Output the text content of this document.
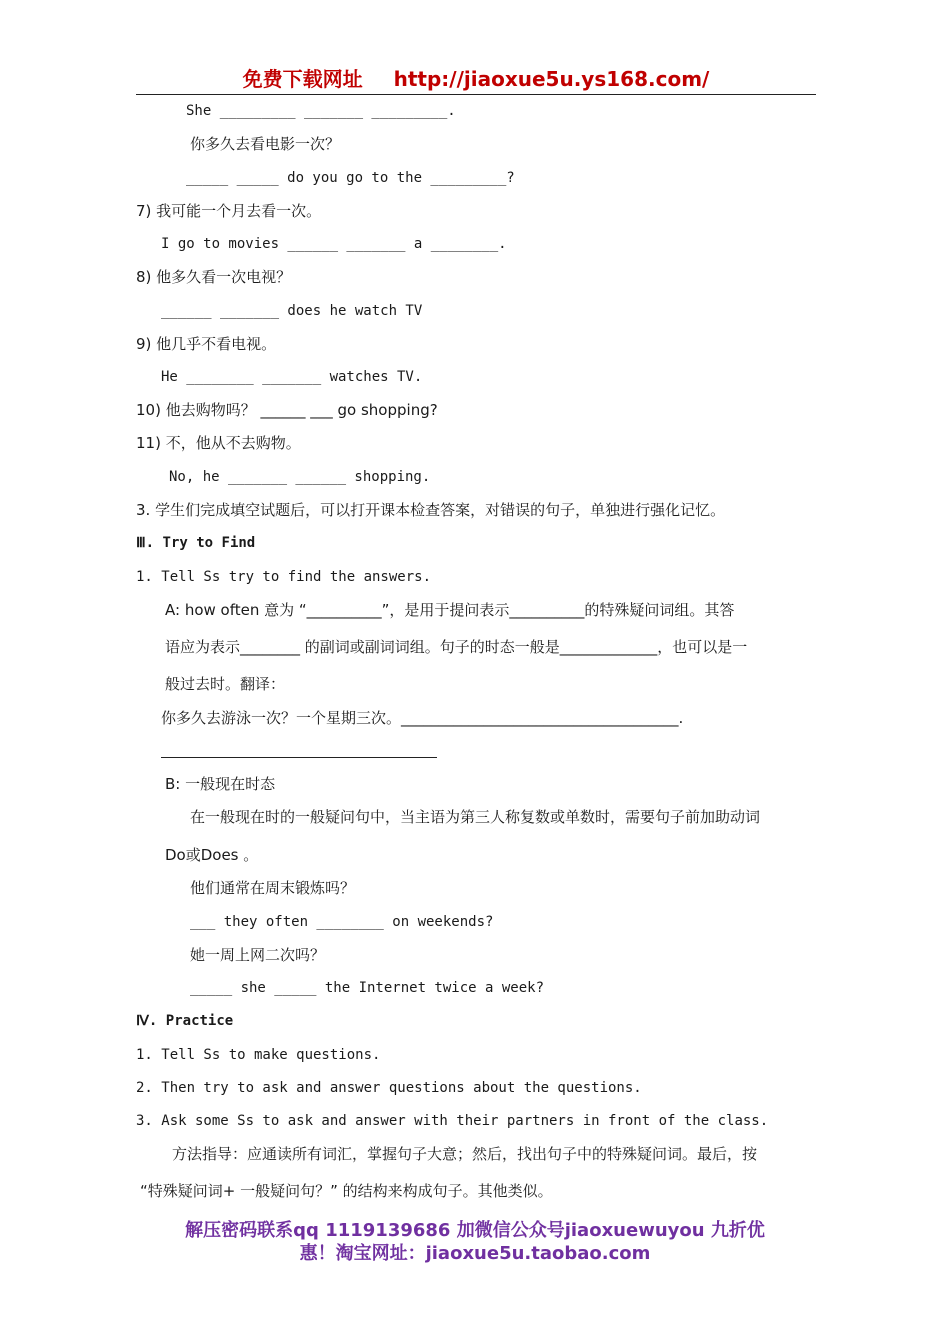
免费下载网址 http://jiaoxue5u.ys168.com/
She _________ _______ _________.
你多久去看电影一次？
_____ _____ do you go to the _________?
7) 我可能一个月去看一次。
I go to movies ______ _______ a ________.
8) 他多久看一次电视？
______ _______ does he watch TV
9) 他几乎不看电视。
He ________ _______ watches TV.
10) 他去购物吗？ ______ ___ go shopping?
11) 不，他从不去购物。
No, he _______ ______ shopping.
3. 学生们完成填空试题后，可以打开课本检查答案，对错误的句子，单独进行强化记忆。
Ⅲ. Try to Find
1. Tell Ss try to find the answers.
A: how often 意为 “__________”，是用于提问表示__________的特殊疑问词组。其答
语应为表示________ 的副词或副词词组。句子的时态一般是_____________，也可以是一
般过去时。翻译：
你多久去游泳一次？一个星期三次。_____________________________________.
B: 一般现在时态
在一般现在时的一般疑问句中，当主语为第三人称复数或单数时，需要句子前加助动词
Do或Does 。
他们通常在周末锻炼吗？
___ they often ________ on weekends?
她一周上网二次吗？
_____ she _____ the Internet twice a week?
Ⅳ. Practice
1. Tell Ss to make questions.
2. Then try to ask and answer questions about the questions.
3. Ask some Ss to ask and answer with their partners in front of the class.
方法指导：应通读所有词汇，掌握句子大意；然后，找出句子中的特殊疑问词。最后，按
“特殊疑问词+ 一般疑问句？” 的结构来构成句子。其他类似。
解压密码联系qq 1119139686 加微信公众号jiaoxuewuyou 九折优
惠！淘宝网址：jiaoxue5u.taobao.com
